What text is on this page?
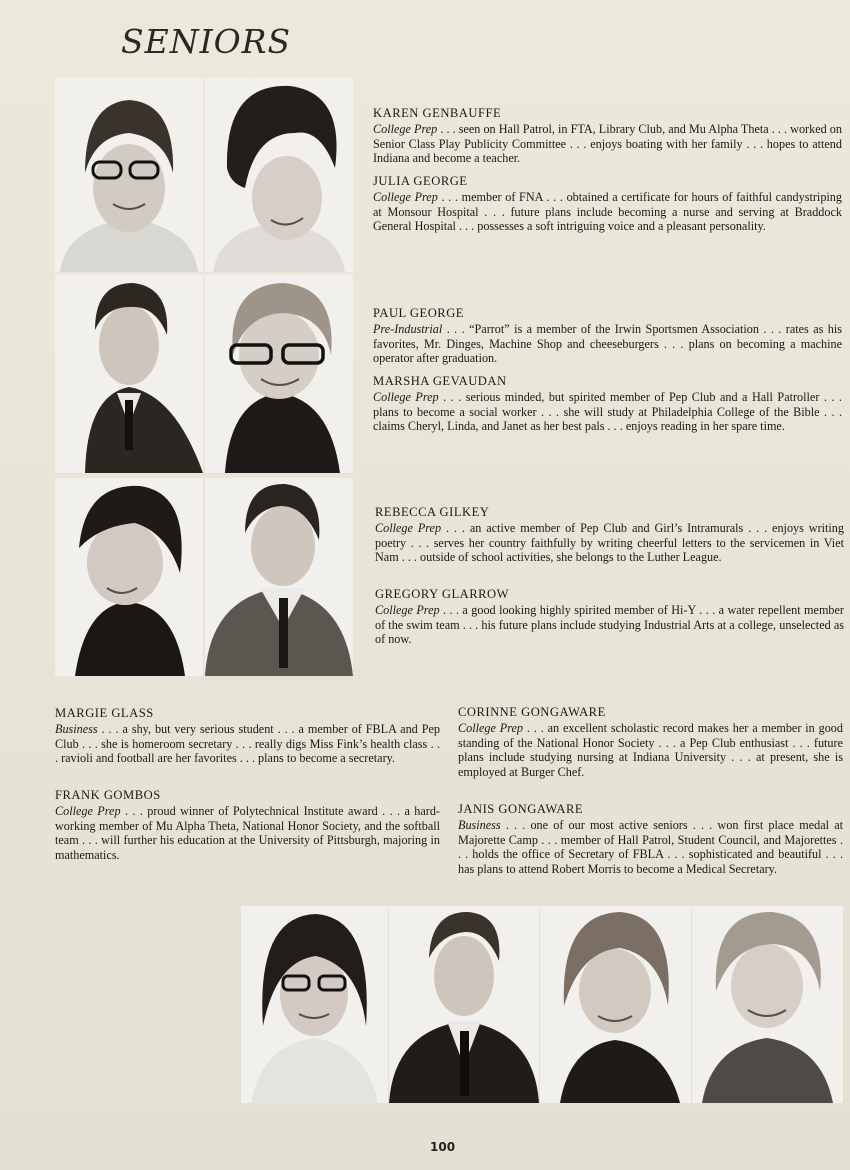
SENIORS
KAREN GENBAUFFE
College Prep . . . seen on Hall Patrol, in FTA, Library Club, and Mu Alpha Theta . . . worked on Senior Class Play Publicity Committee . . . enjoys boating with her family . . . hopes to attend Indiana and become a teacher.
JULIA GEORGE
College Prep . . . member of FNA . . . obtained a certificate for hours of faithful candystriping at Monsour Hospital . . . future plans include becoming a nurse and serving at Braddock General Hospital . . . possesses a soft intriguing voice and a pleasant personality.
PAUL GEORGE
Pre-Industrial . . . “Parrot” is a member of the Irwin Sportsmen Association . . . rates as his favorites, Mr. Dinges, Machine Shop and cheeseburgers . . . plans on becoming a machine operator after graduation.
MARSHA GEVAUDAN
College Prep . . . serious minded, but spirited member of Pep Club and a Hall Patroller . . . plans to become a social worker . . . she will study at Philadelphia College of the Bible . . . claims Cheryl, Linda, and Janet as her best pals . . . enjoys reading in her spare time.
REBECCA GILKEY
College Prep . . . an active member of Pep Club and Girl’s Intramurals . . . enjoys writing poetry . . . serves her country faithfully by writing cheerful letters to the servicemen in Viet Nam . . . outside of school activities, she belongs to the Luther League.
GREGORY GLARROW
College Prep . . . a good looking highly spirited member of Hi-Y . . . a water repellent member of the swim team . . . his future plans include studying Industrial Arts at a college, unselected as of now.
MARGIE GLASS
Business . . . a shy, but very serious student . . . a member of FBLA and Pep Club . . . she is homeroom secretary . . . really digs Miss Fink’s health class . . . ravioli and football are her favorites . . . plans to become a secretary.
FRANK GOMBOS
College Prep . . . proud winner of Polytechnical Institute award . . . a hard-working member of Mu Alpha Theta, National Honor Society, and the softball team . . . will further his education at the University of Pittsburgh, majoring in mathematics.
CORINNE GONGAWARE
College Prep . . . an excellent scholastic record makes her a member in good standing of the National Honor Society . . . a Pep Club enthusiast . . . future plans include studying nursing at Indiana University . . . at present, she is employed at Burger Chef.
JANIS GONGAWARE
Business . . . one of our most active seniors . . . won first place medal at Majorette Camp . . . member of Hall Patrol, Student Council, and Majorettes . . . holds the office of Secretary of FBLA . . . sophisticated and beautiful . . . has plans to attend Robert Morris to become a Medical Secretary.
100
